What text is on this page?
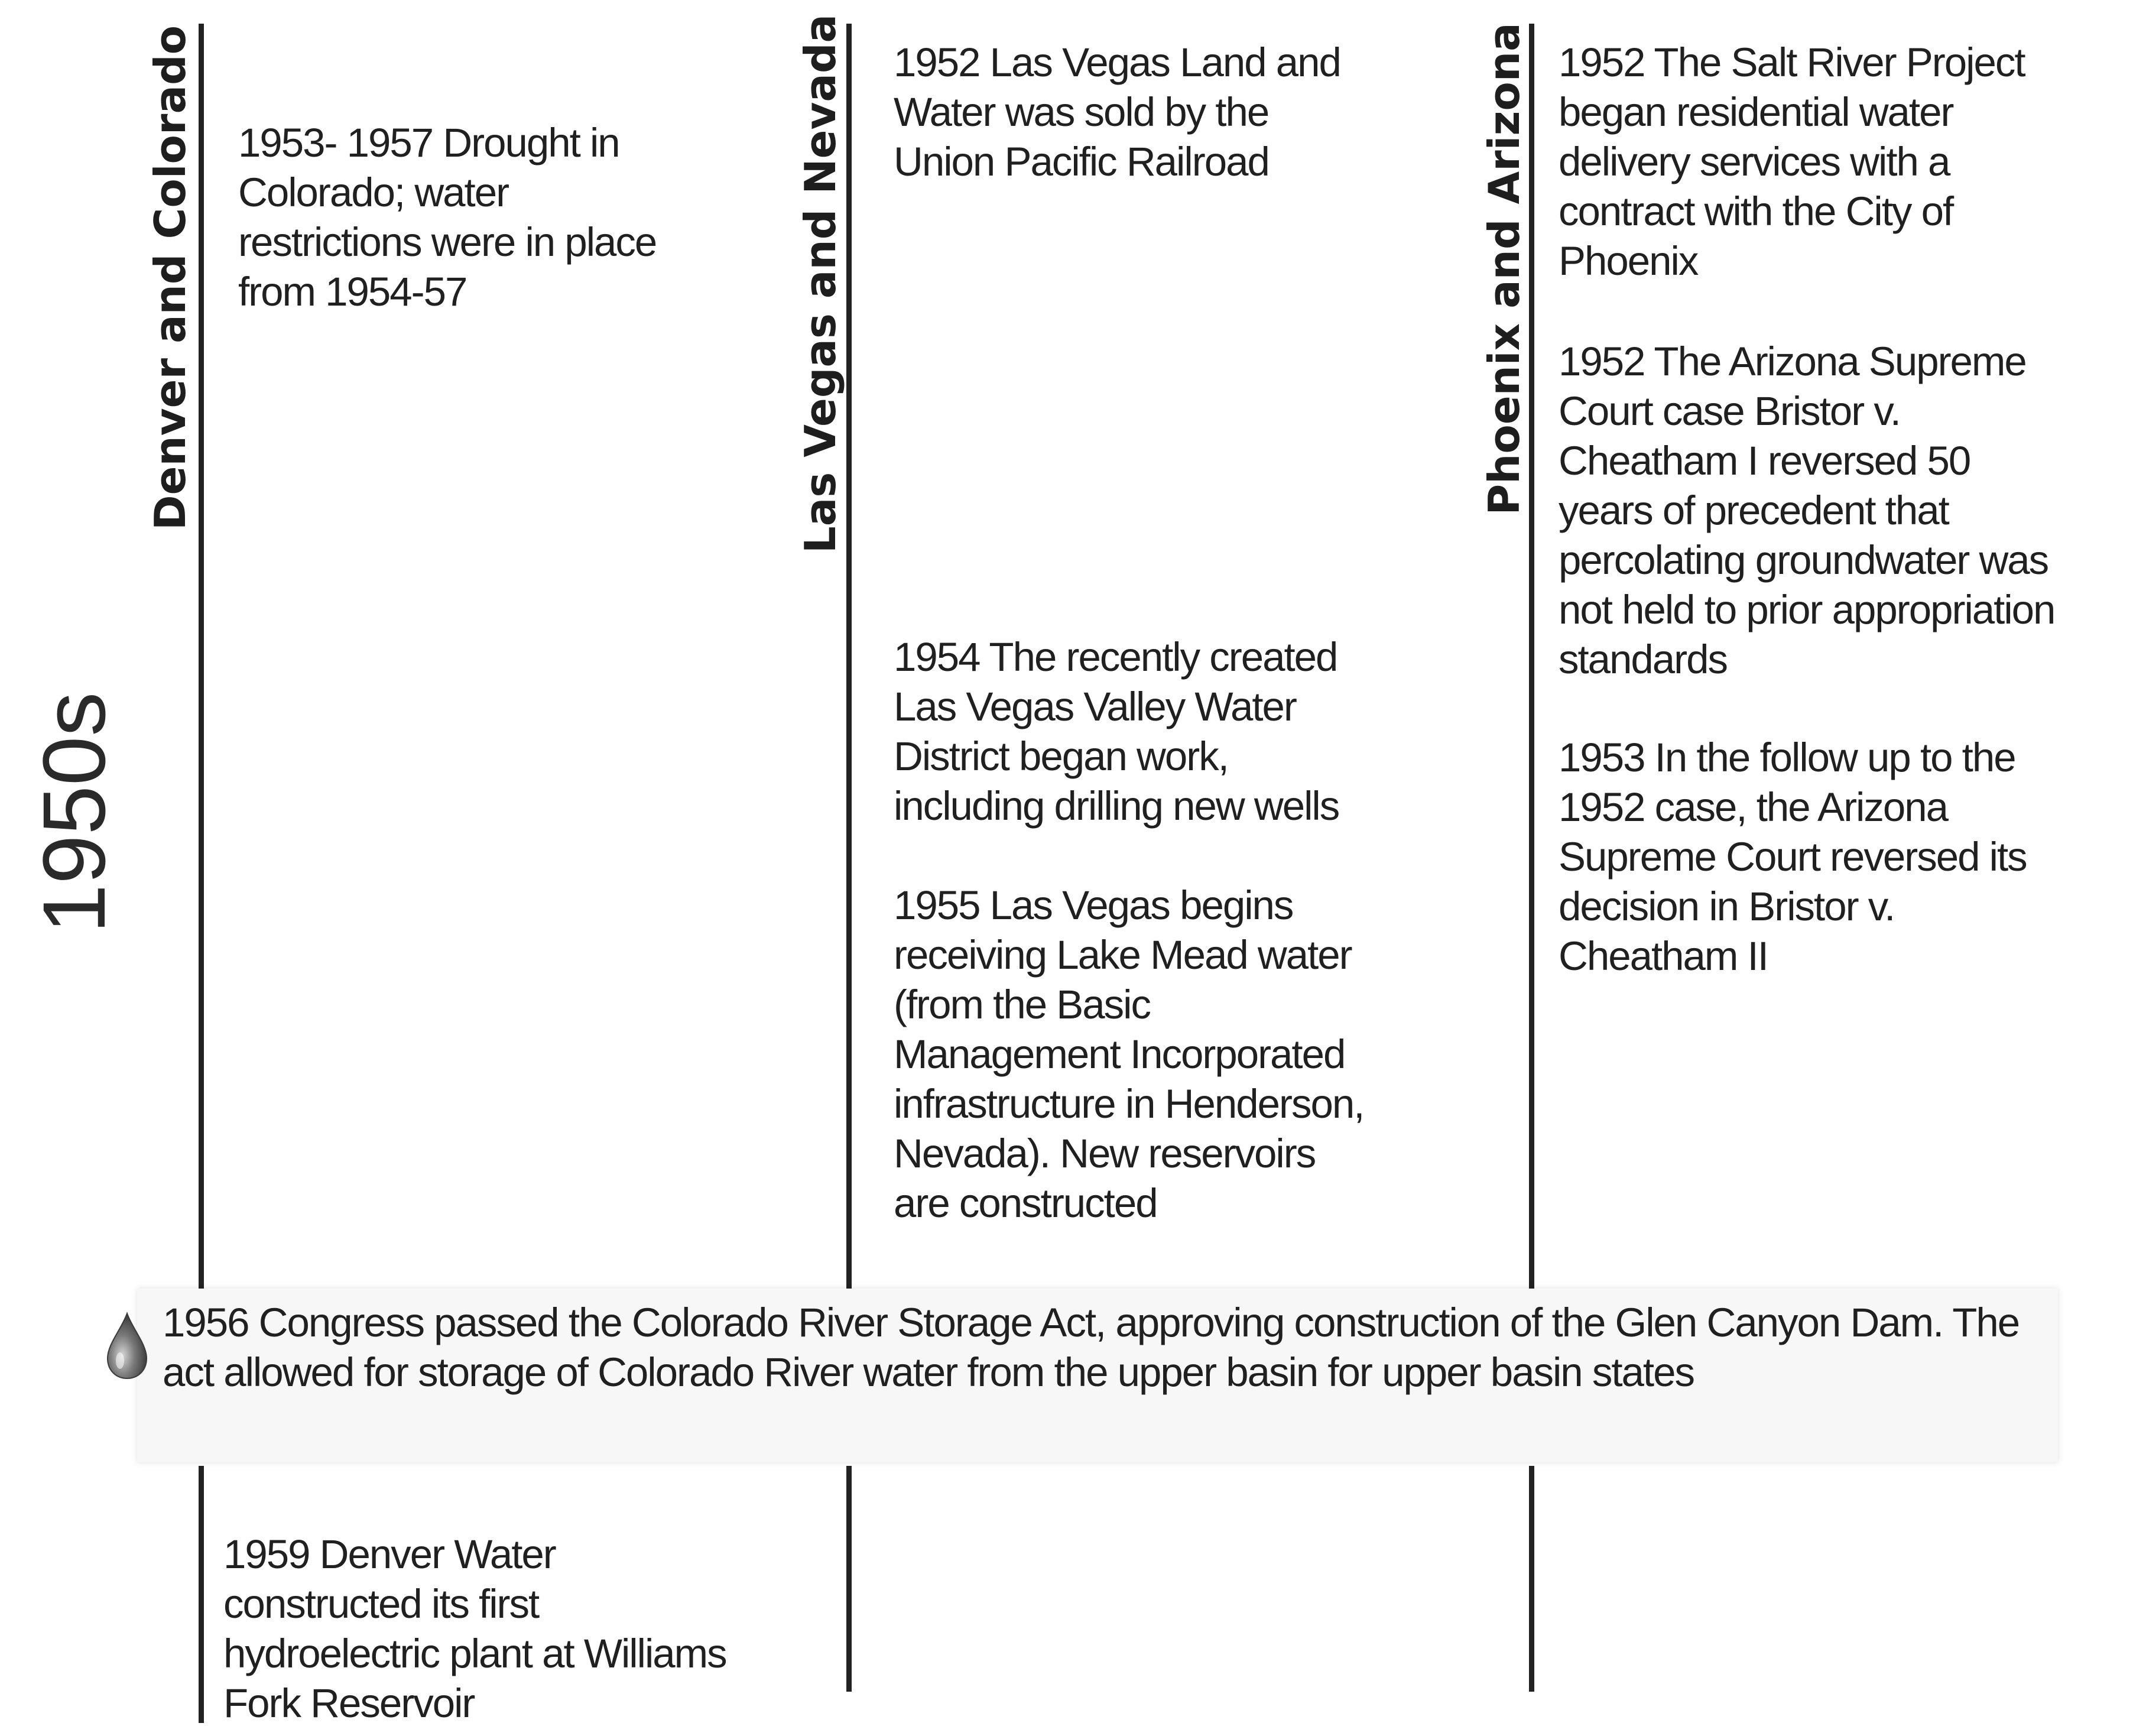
1950s
Denver and Colorado	Las Vegas and Nevada	Phoenix and Arizona
1953- 1957 Drought in
Colorado; water
restrictions were in place
from 1954-57
1959 Denver Water
constructed its first
hydroelectric plant at Williams
Fork Reservoir
1952 Las Vegas Land and
Water was sold by the
Union Pacific Railroad
1954 The recently created
Las Vegas Valley Water
District began work,
including drilling new wells
1955 Las Vegas begins
receiving Lake Mead water
(from the Basic
Management Incorporated
infrastructure in Henderson,
Nevada). New reservoirs
are constructed
1952 The Salt River Project
began residential water
delivery services with a
contract with the City of
Phoenix
1952 The Arizona Supreme
Court case Bristor v.
Cheatham I reversed 50
years of precedent that
percolating groundwater was
not held to prior appropriation
standards
1953 In the follow up to the
1952 case, the Arizona
Supreme Court reversed its
decision in Bristor v.
Cheatham II
1956 Congress passed the Colorado River Storage Act, approving construction of the Glen Canyon Dam. The act allowed for storage of Colorado River water from the upper basin for upper basin states
